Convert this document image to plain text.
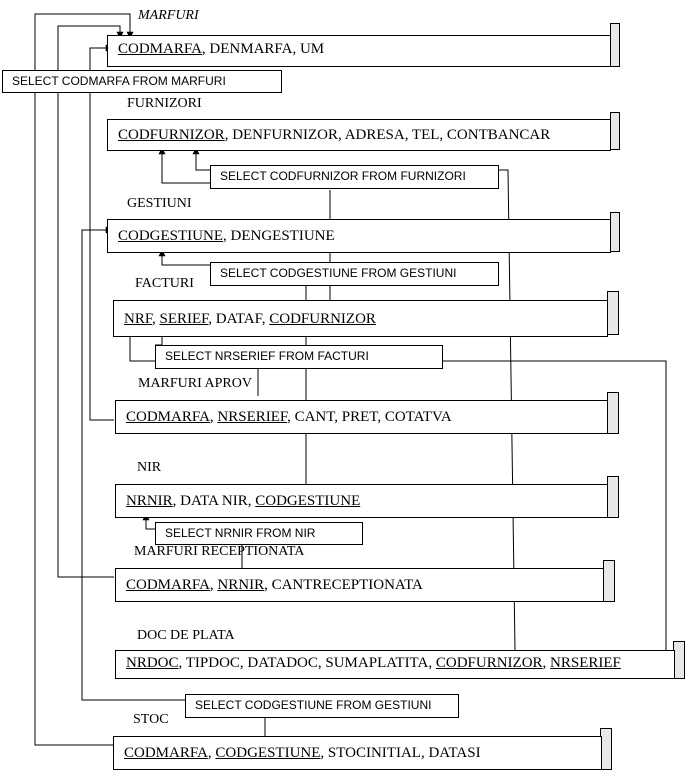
MARFURI
CODMARFA, DENMARFA, UM
SELECT CODMARFA FROM MARFURI
FURNIZORI
CODFURNIZOR, DENFURNIZOR, ADRESA, TEL, CONTBANCAR
SELECT CODFURNIZOR FROM FURNIZORI
GESTIUNI
CODGESTIUNE, DENGESTIUNE
SELECT CODGESTIUNE FROM GESTIUNI
FACTURI
NRF, SERIEF, DATAF, CODFURNIZOR
SELECT NRSERIEF FROM FACTURI
MARFURI APROV
CODMARFA, NRSERIEF, CANT, PRET, COTATVA
NIR
NRNIR, DATA NIR, CODGESTIUNE
SELECT NRNIR FROM NIR
MARFURI RECEPTIONATA
CODMARFA, NRNIR, CANTRECEPTIONATA
DOC DE PLATA
NRDOC, TIPDOC, DATADOC, SUMAPLATITA, CODFURNIZOR, NRSERIEF
SELECT CODGESTIUNE FROM GESTIUNI
STOC
CODMARFA, CODGESTIUNE, STOCINITIAL, DATASI
